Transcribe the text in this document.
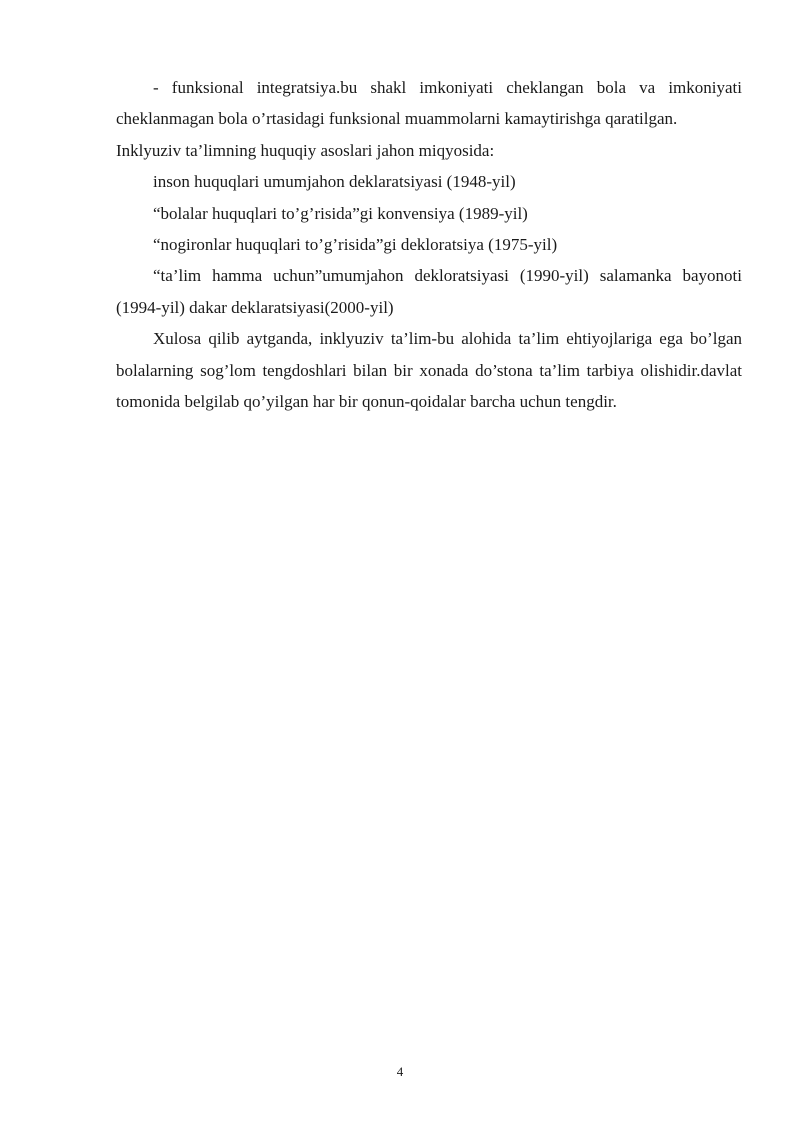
- funksional integratsiya.bu shakl imkoniyati cheklangan bola va imkoniyati cheklanmagan bola o’rtasidagi funksional muammolarni kamaytirishga qaratilgan.

Inklyuziv ta’limning huquqiy asoslari jahon miqyosida:

inson huquqlari umumjahon deklaratsiyasi (1948-yil)

“bolalar huquqlari to’g’risida”gi konvensiya (1989-yil)

“nogironlar huquqlari to’g’risida”gi dekloratsiya (1975-yil)

“ta’lim hamma uchun”umumjahon dekloratsiyasi (1990-yil) salamanka bayonoti (1994-yil) dakar deklaratsiyasi(2000-yil)

Xulosa qilib aytganda, inklyuziv ta’lim-bu alohida ta’lim ehtiyojlariga ega bo’lgan bolalarning sog’lom tengdoshlari bilan bir xonada do’stona ta’lim tarbiya olishidir.davlat tomonida belgilab qo’yilgan har bir qonun-qoidalar barcha uchun tengdir.

4
